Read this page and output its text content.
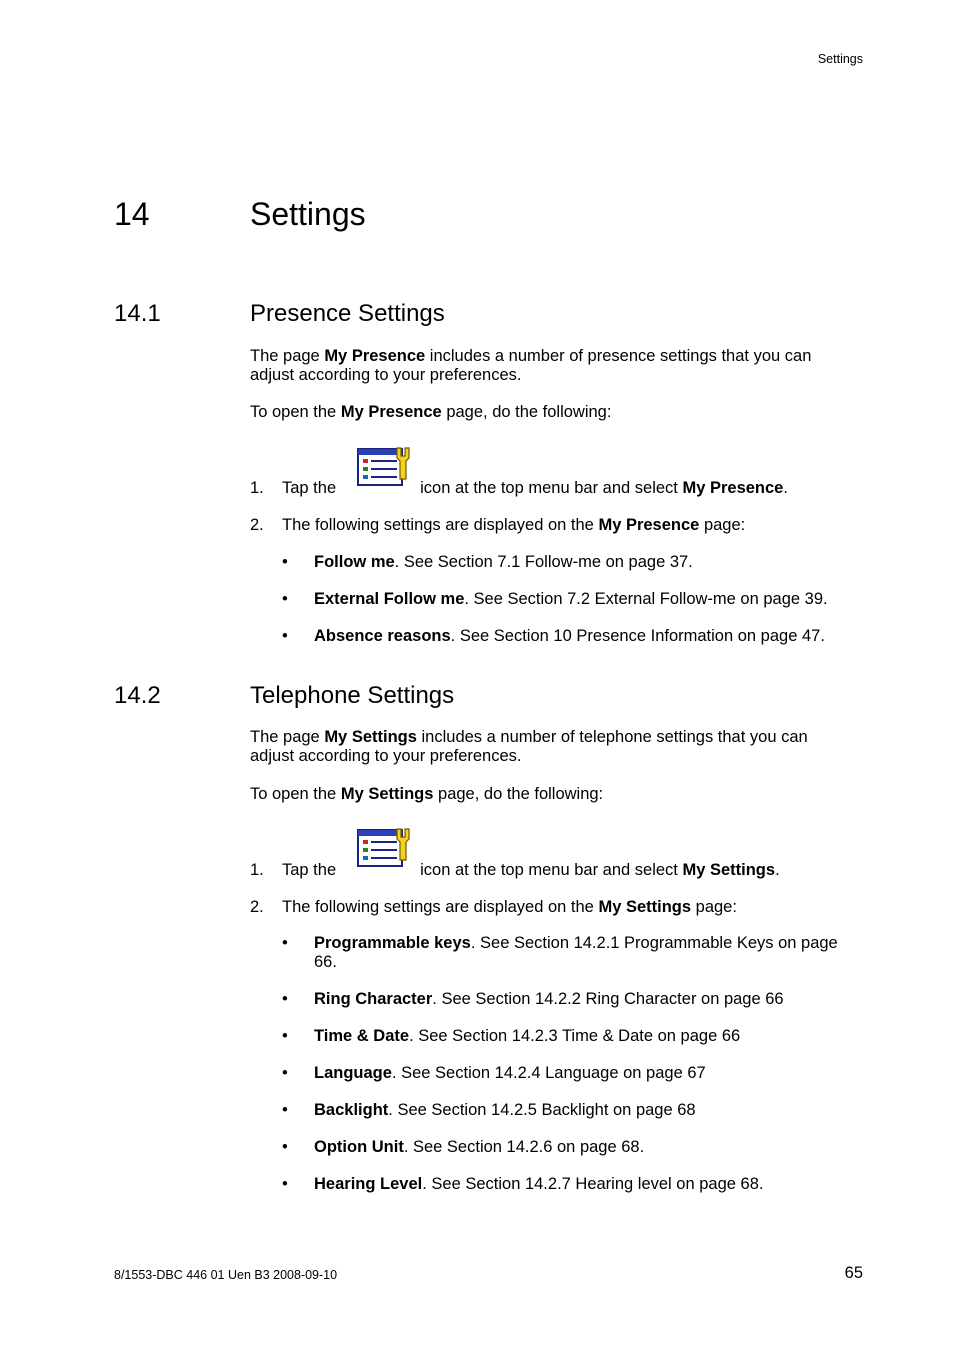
Settings
14	Settings
14.1	Presence Settings
The page My Presence includes a number of presence settings that you can
adjust according to your preferences.
To open the My Presence page, do the following:
1. Tap the	icon at the top menu bar and select My Presence.
2. The following settings are displayed on the My Presence page:
• Follow me. See Section 7.1 Follow-me on page 37.
• External Follow me. See Section 7.2 External Follow-me on page 39.
• Absence reasons. See Section 10 Presence Information on page 47.
14.2	Telephone Settings
The page My Settings includes a number of telephone settings that you can
adjust according to your preferences.
To open the My Settings page, do the following:
1. Tap the	icon at the top menu bar and select My Settings.
2. The following settings are displayed on the My Settings page:
• Programmable keys. See Section 14.2.1 Programmable Keys on page 66.
• Ring Character. See Section 14.2.2 Ring Character on page 66
• Time & Date. See Section 14.2.3 Time & Date on page 66
• Language. See Section 14.2.4 Language on page 67
• Backlight. See Section 14.2.5 Backlight on page 68
• Option Unit. See Section 14.2.6 on page 68.
• Hearing Level. See Section 14.2.7 Hearing level on page 68.
8/1553-DBC 446 01 Uen B3 2008-09-10	65
